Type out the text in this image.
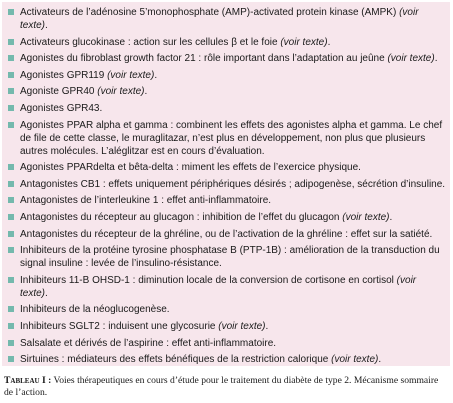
Activateurs de l’adénosine 5’monophosphate (AMP)-activated protein kinase (AMPK) (voir texte).
Activateurs glucokinase : action sur les cellules β et le foie (voir texte).
Agonistes du fibroblast growth factor 21 : rôle important dans l’adaptation au jeûne (voir texte).
Agonistes GPR119 (voir texte).
Agoniste GPR40 (voir texte).
Agonistes GPR43.
Agonistes PPAR alpha et gamma : combinent les effets des agonistes alpha et gamma. Le chef de file de cette classe, le muraglitazar, n’est plus en développement, non plus que plusieurs autres molécules. L’aléglitzar est en cours d’évaluation.
Agonistes PPARdelta et bêta-delta : miment les effets de l’exercice physique.
Antagonistes CB1 : effets uniquement périphériques désirés ; adipogenèse, sécrétion d’insuline.
Antagonistes de l’interleukine 1 : effet anti-inflammatoire.
Antagonistes du récepteur au glucagon : inhibition de l’effet du glucagon (voir texte).
Antagonistes du récepteur de la ghréline, ou de l’activation de la ghréline : effet sur la satiété.
Inhibiteurs de la protéine tyrosine phosphatase B (PTP-1B) : amélioration de la transduction du signal insuline : levée de l’insulino-résistance.
Inhibiteurs 11-B OHSD-1 : diminution locale de la conversion de cortisone en cortisol (voir texte).
Inhibiteurs de la néoglucogenèse.
Inhibiteurs SGLT2 : induisent une glycosurie (voir texte).
Salsalate et dérivés de l’aspirine : effet anti-inflammatoire.
Sirtuines : médiateurs des effets bénéfiques de la restriction calorique (voir texte).
Tableau I : Voies thérapeutiques en cours d’étude pour le traitement du diabète de type 2. Mécanisme sommaire de l’action.
